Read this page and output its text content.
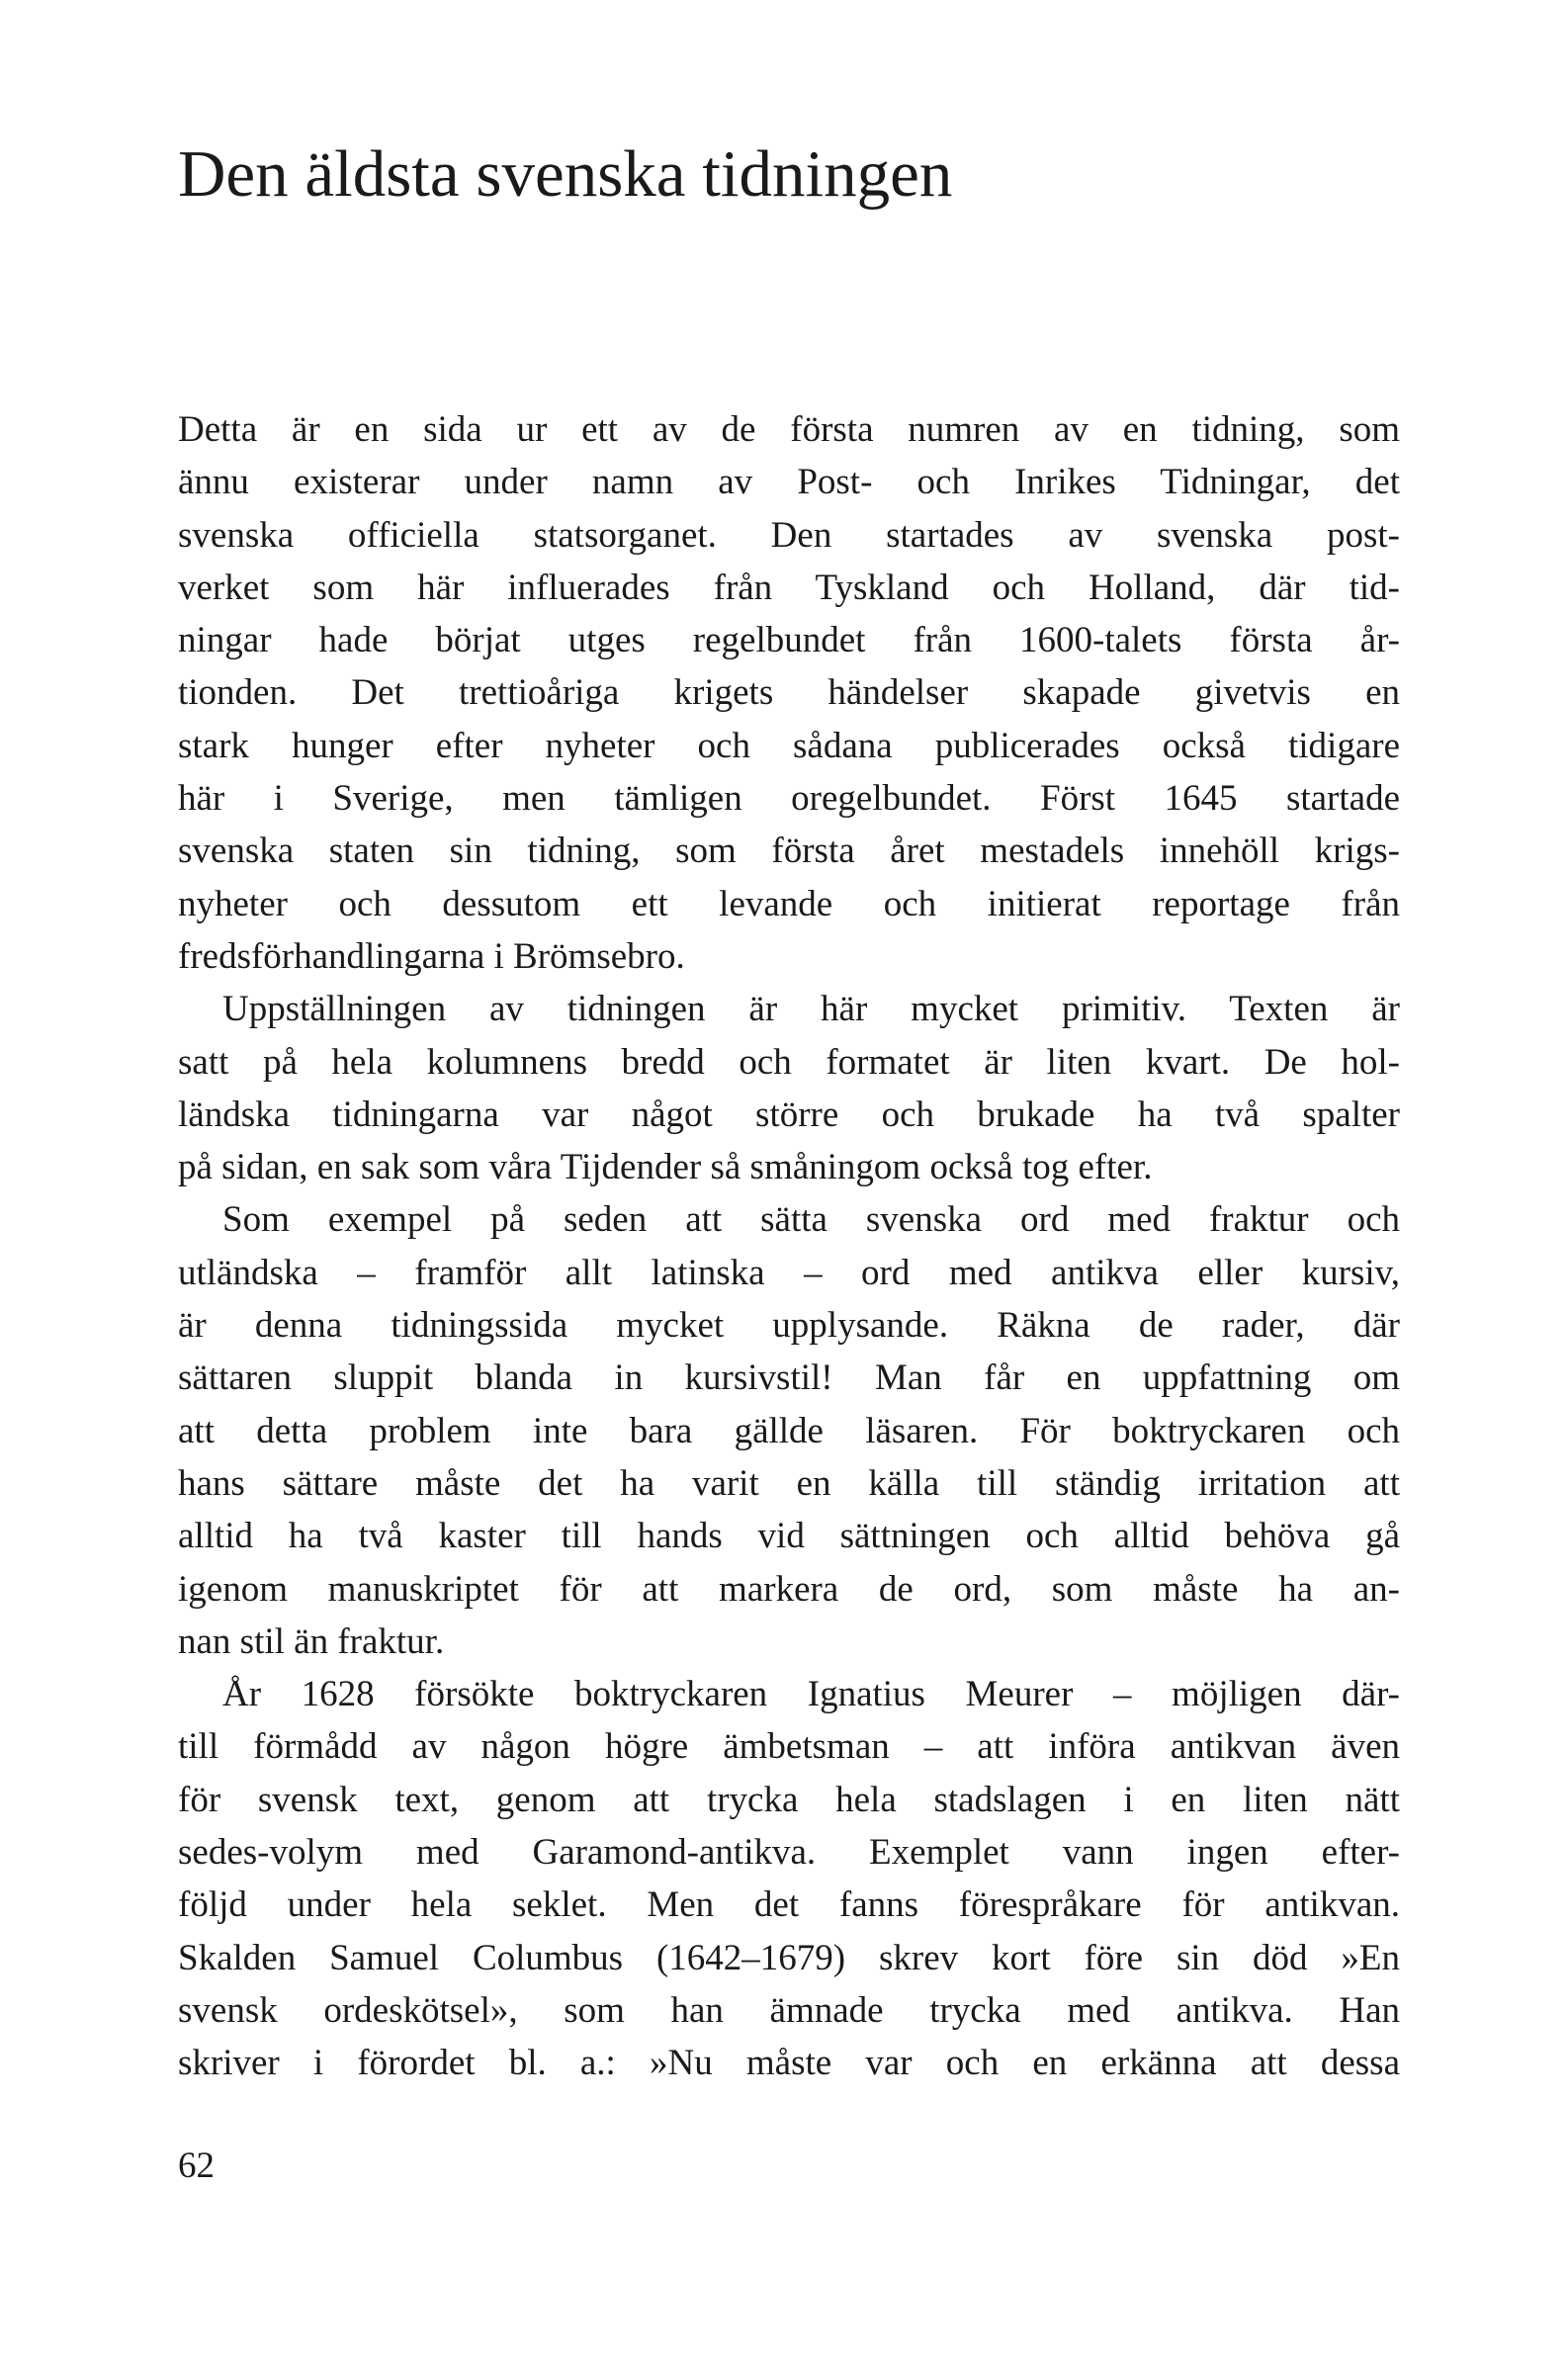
Den äldsta svenska tidningen
Detta är en sida ur ett av de första numren av en tidning, som
ännu existerar under namn av Post- och Inrikes Tidningar, det
svenska officiella statsorganet. Den startades av svenska post-
verket som här influerades från Tyskland och Holland, där tid-
ningar hade börjat utges regelbundet från 1600-talets första år-
tionden. Det trettioåriga krigets händelser skapade givetvis en
stark hunger efter nyheter och sådana publicerades också tidigare
här i Sverige, men tämligen oregelbundet. Först 1645 startade
svenska staten sin tidning, som första året mestadels innehöll krigs-
nyheter och dessutom ett levande och initierat reportage från
fredsförhandlingarna i Brömsebro.
Uppställningen av tidningen är här mycket primitiv. Texten är
satt på hela kolumnens bredd och formatet är liten kvart. De hol-
ländska tidningarna var något större och brukade ha två spalter
på sidan, en sak som våra Tijdender så småningom också tog efter.
Som exempel på seden att sätta svenska ord med fraktur och
utländska – framför allt latinska – ord med antikva eller kursiv,
är denna tidningssida mycket upplysande. Räkna de rader, där
sättaren sluppit blanda in kursivstil! Man får en uppfattning om
att detta problem inte bara gällde läsaren. För boktryckaren och
hans sättare måste det ha varit en källa till ständig irritation att
alltid ha två kaster till hands vid sättningen och alltid behöva gå
igenom manuskriptet för att markera de ord, som måste ha an-
nan stil än fraktur.
År 1628 försökte boktryckaren Ignatius Meurer – möjligen där-
till förmådd av någon högre ämbetsman – att införa antikvan även
för svensk text, genom att trycka hela stadslagen i en liten nätt
sedes-volym med Garamond-antikva. Exemplet vann ingen efter-
följd under hela seklet. Men det fanns förespråkare för antikvan.
Skalden Samuel Columbus (1642–1679) skrev kort före sin död »En
svensk ordeskötsel», som han ämnade trycka med antikva. Han
skriver i förordet bl. a.: »Nu måste var och en erkänna att dessa
62
